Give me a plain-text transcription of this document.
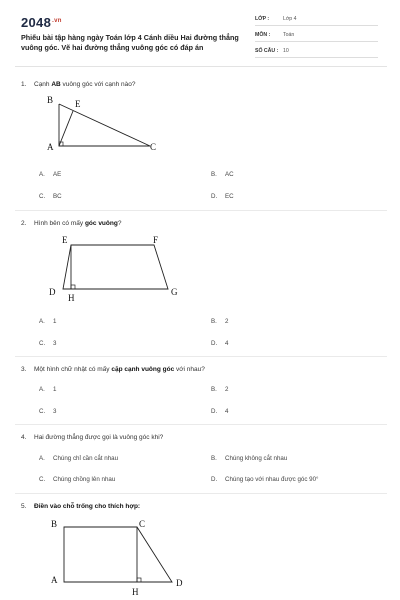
$2048^{.vn}$
Phiếu bài tập hàng ngày Toán lớp 4 Cánh diều Hai đường thẳng vuông góc. Vẽ hai đường thẳng vuông góc có đáp án
LỚP :	Lớp 4
MÔN : Toán
SỐ CÂU : 10
1. Cạnh AB vuông góc với cạnh nào?
B E
A	C
A. AE	B. AC
C. BC	D. EC
2. Hình bên có mấy góc vuông?
E	F
D
H
G
A. 1	B. 2
C. 3	D. 4
3. Một hình chữ nhật có mấy cặp cạnh vuông góc với nhau?
A. 1	B. 2
C. 3	D. 4
4. Hai đường thẳng được gọi là vuông góc khi?
A. Chúng chỉ cần cắt nhau	B. Chúng không cắt nhau
C. Chúng chồng lên nhau	D. Chúng tạo với nhau được góc 90°
5. Điền vào chỗ trống cho thích hợp:
B	C
A	D
H
